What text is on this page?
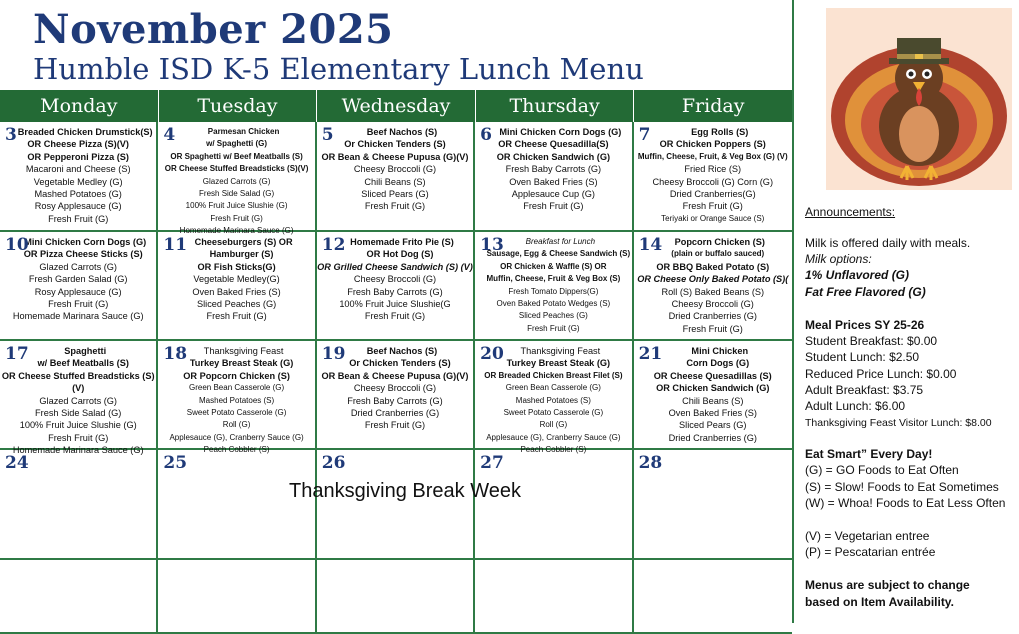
November 2025
Humble ISD K-5 Elementary Lunch Menu
Monday	Tuesday	Wednesday	Thursday	Friday
3 Breaded Chicken Drumstick(S)
OR Cheese Pizza (S)(V)
OR Pepperoni Pizza (S)
Macaroni and Cheese (S)
Vegetable Medley (G)
Mashed Potatoes (G)
Rosy Applesauce (G)
Fresh Fruit (G)
4	Parmesan Chicken
w/ Spaghetti (G)
OR Spaghetti w/ Beef Meatballs (S)
OR Cheese Stuffed Breadsticks (S)(V)
Glazed Carrots (G)
Fresh Side Salad (G)
100% Fruit Juice Slushie (G)
Fresh Fruit (G)
Homemade Marinara Sauce (G)
5	Beef Nachos (S)
Or Chicken Tenders (S)
OR Bean & Cheese Pupusa (G)(V)
Cheesy Broccoli (G)
Chili Beans (S)
Sliced Pears (G)
Fresh Fruit (G)
6 Mini Chicken Corn Dogs (G)
OR Cheese Quesadilla(S)
OR Chicken Sandwich (G)
Fresh Baby Carrots (G)
Oven Baked Fries (S)
Applesauce Cup (G)
Fresh Fruit (G)
7	Egg Rolls (S)
OR Chicken Poppers (S)
Muffin, Cheese, Fruit, & Veg Box (G) (V)
Fried Rice (S)
Cheesy Broccoli (G) Corn (G)
Dried Cranberries(G)
Fresh Fruit (G)
Teriyaki or Orange Sauce (S)
10
Mini Chicken Corn Dogs (G)
OR Pizza Cheese Sticks (S)
Glazed Carrots (G)
Fresh Garden Salad (G)
Rosy Applesauce (G)
Fresh Fruit (G)
Homemade Marinara Sauce (G)
11 Cheeseburgers (S) OR
Hamburger (S)
OR Fish Sticks(G)
Vegetable Medley(G)
Oven Baked Fries (S)
Sliced Peaches (G)
Fresh Fruit (G)
12 Homemade Frito Pie (S)
OR Hot Dog (S)
OR Grilled Cheese Sandwich (S) (V)
Cheesy Broccoli (G)
Fresh Baby Carrots (G)
100% Fruit Juice Slushie(G
Fresh Fruit (G)
13	Breakfast for Lunch
Sausage, Egg & Cheese Sandwich (S)
OR Chicken & Waffle (S) OR
Muffin, Cheese, Fruit & Veg Box (S)
Fresh Tomato Dippers(G)
Oven Baked Potato Wedges (S)
Sliced Peaches (G)
Fresh Fruit (G)
14	Popcorn Chicken (S)
(plain or buffalo sauced)
OR BBQ Baked Potato (S)
OR Cheese Only Baked Potato (S)(
Roll (S) Baked Beans (S)
Cheesy Broccoli (G)
Dried Cranberries (G)
Fresh Fruit (G)
17	Spaghetti
w/ Beef Meatballs (S)
OR Cheese Stuffed Breadsticks (S)(V)
Glazed Carrots (G)
Fresh Side Salad (G)
100% Fruit Juice Slushie (G)
Fresh Fruit (G)
Homemade Marinara Sauce (G)
18	Thanksgiving Feast
Turkey Breast Steak (G)
OR Popcorn Chicken (S)
Green Bean Casserole (G)
Mashed Potatoes (S)
Sweet Potato Casserole (G)
Roll (G)
Applesauce (G), Cranberry Sauce (G)
Peach Cobbler (S)
19	Beef Nachos (S)
Or Chicken Tenders (S)
OR Bean & Cheese Pupusa (G)(V)
Cheesy Broccoli (G)
Fresh Baby Carrots (G)
Dried Cranberries (G)
Fresh Fruit (G)
20	Thanksgiving Feast
Turkey Breast Steak (G)
OR Breaded Chicken Breast Filet (S)
Green Bean Casserole (G)
Mashed Potatoes (S)
Sweet Potato Casserole (G)
Roll (G)
Applesauce (G), Cranberry Sauce (G)
Peach Cobbler (S)
21	Mini Chicken
Corn Dogs (G)
OR Cheese Quesadillas (S)
OR Chicken Sandwich (G)
Chili Beans (S)
Oven Baked Fries (S)
Sliced Pears (G)
Dried Cranberries (G)
24	25	26	27	28
Thanksgiving Break Week
Announcements:
Milk is offered daily with meals.
Milk options:
1% Unflavored (G)
Fat Free Flavored (G)
Meal Prices SY 25-26
Student Breakfast: $0.00
Student Lunch: $2.50
Reduced Price Lunch: $0.00
Adult Breakfast: $3.75
Adult Lunch: $6.00
Thanksgiving Feast Visitor Lunch: $8.00
Eat Smart” Every Day!
(G) = GO Foods to Eat Often
(S) = Slow! Foods to Eat Sometimes
(W) = Whoa! Foods to Eat Less Often
(V) = Vegetarian entree
(P) = Pescatarian entrée
Menus are subject to change
based on Item Availability.
